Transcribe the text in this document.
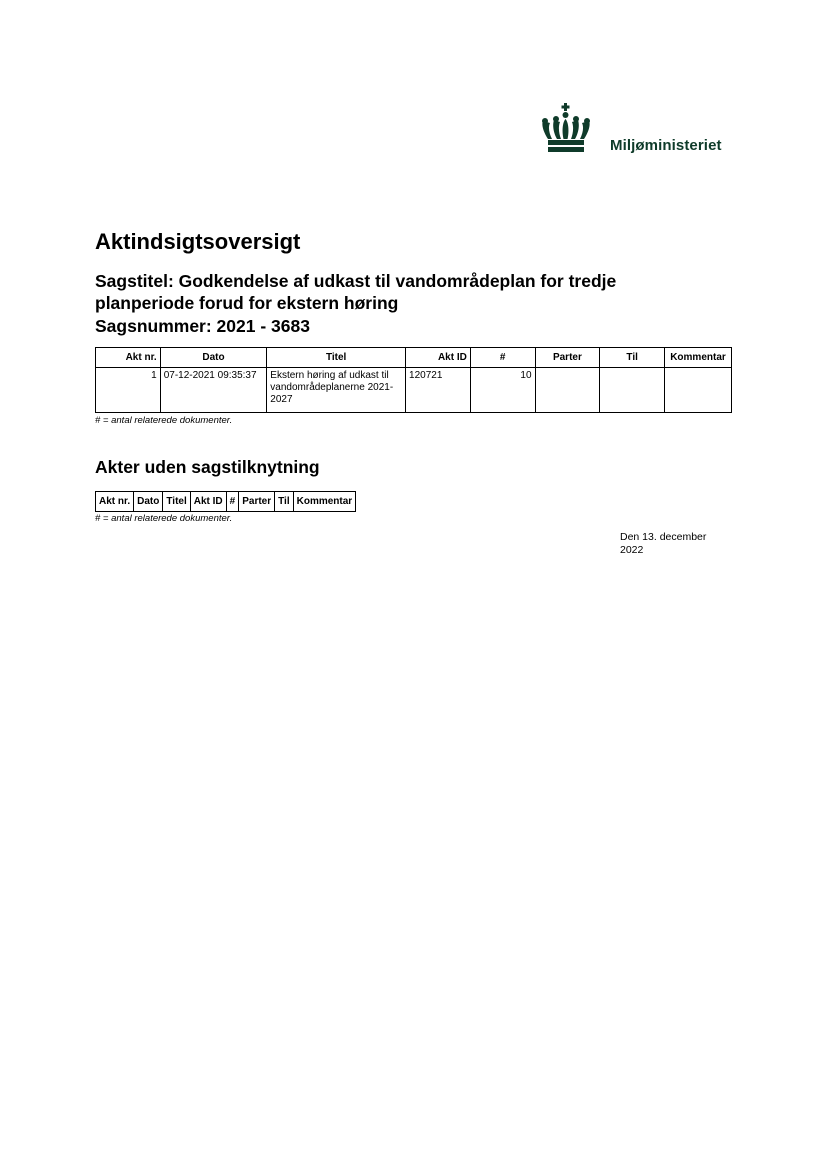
Miljøministeriet
Aktindsigtsoversigt

Sagstitel: Godkendelse af udkast til vandområdeplan for tredje planperiode forud for ekstern høring

Sagsnummer: 2021 - 3683

Akt nr.	Dato	Titel	Akt ID	#	Parter	Til	Kommentar
1	07-12-2021 09:35:37	Ekstern høring af udkast til vandområdeplanerne 2021-2027	120721	10			
# = antal relaterede dokumenter.
Akter uden sagstilknytning
Akt nr.	Dato	Titel	Akt ID	#	Parter	Til	Kommentar
# = antal relaterede dokumenter.
Den 13. december 2022
